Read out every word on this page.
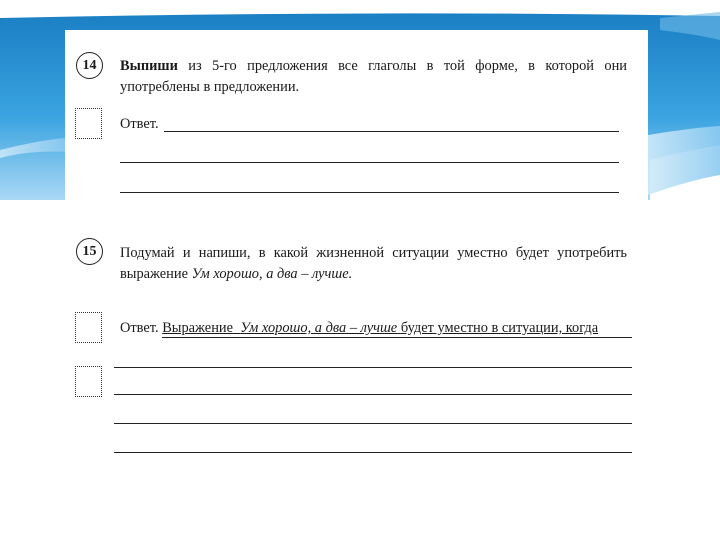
14	Выпиши из 5-го предложения все глаголы в той форме, в которой они употреблены в предложении.
Ответ.
15	Подумай и напиши, в какой жизненной ситуации уместно будет употребить выражение Ум хорошо, а два – лучше.
Ответ. Выражение Ум хорошо, а два – лучше будет уместно в ситуации, когда
